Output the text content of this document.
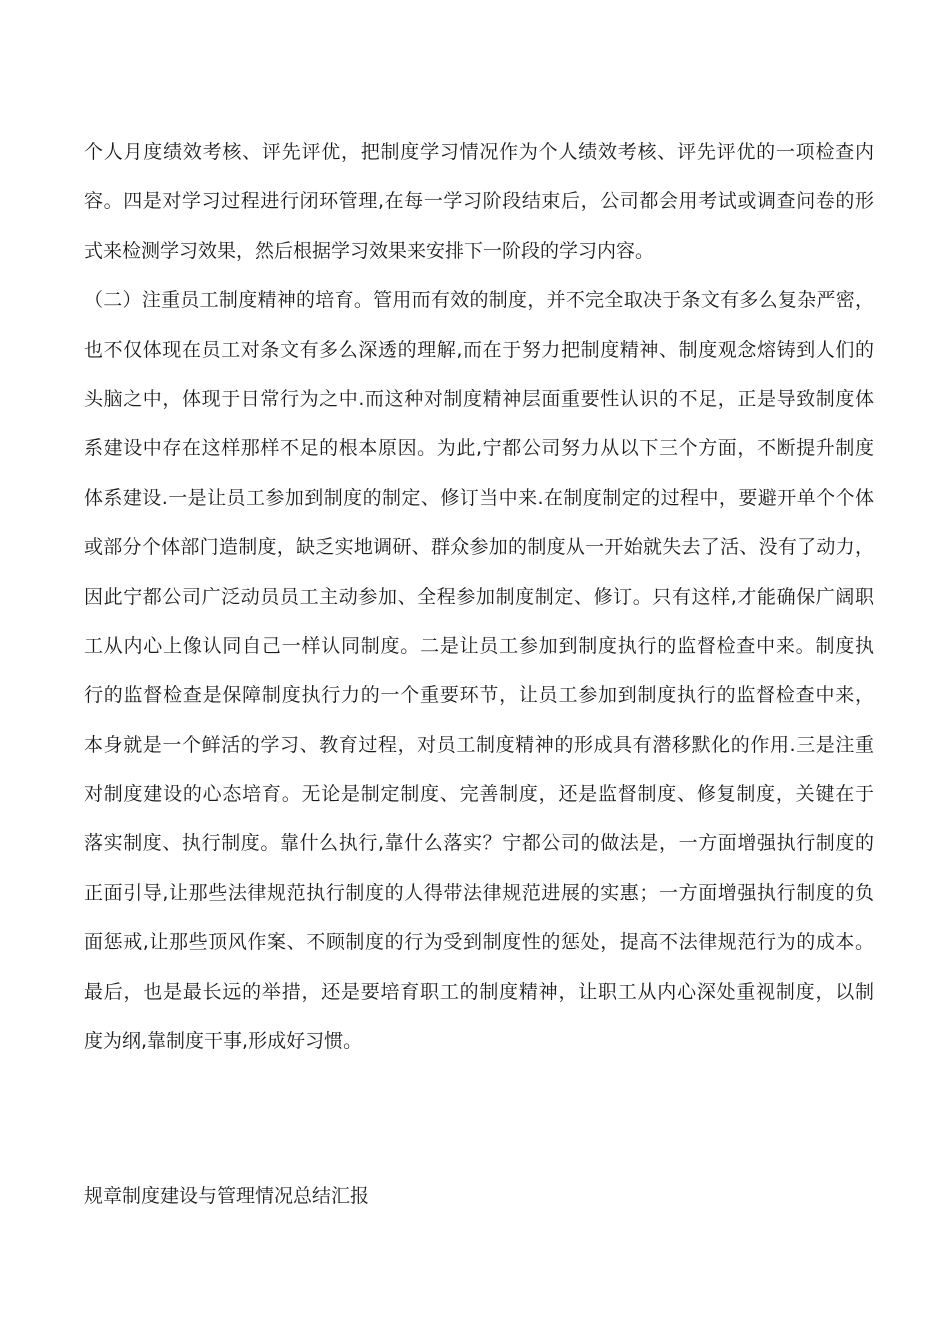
个人月度绩效考核、评先评优，把制度学习情况作为个人绩效考核、评先评优的一项检查内
容。四是对学习过程进行闭环管理,在每一学习阶段结束后，公司都会用考试或调查问卷的形
式来检测学习效果，然后根据学习效果来安排下一阶段的学习内容。
（二）注重员工制度精神的培育。管用而有效的制度，并不完全取决于条文有多么复杂严密，
也不仅体现在员工对条文有多么深透的理解,而在于努力把制度精神、制度观念熔铸到人们的
头脑之中，体现于日常行为之中.而这种对制度精神层面重要性认识的不足，正是导致制度体
系建设中存在这样那样不足的根本原因。为此,宁都公司努力从以下三个方面，不断提升制度
体系建设.一是让员工参加到制度的制定、修订当中来.在制度制定的过程中，要避开单个个体
或部分个体部门造制度，缺乏实地调研、群众参加的制度从一开始就失去了活、没有了动力，
因此宁都公司广泛动员员工主动参加、全程参加制度制定、修订。只有这样,才能确保广阔职
工从内心上像认同自己一样认同制度。二是让员工参加到制度执行的监督检查中来。制度执
行的监督检查是保障制度执行力的一个重要环节，让员工参加到制度执行的监督检查中来，
本身就是一个鲜活的学习、教育过程，对员工制度精神的形成具有潜移默化的作用.三是注重
对制度建设的心态培育。无论是制定制度、完善制度，还是监督制度、修复制度，关键在于
落实制度、执行制度。靠什么执行,靠什么落实？宁都公司的做法是，一方面增强执行制度的
正面引导,让那些法律规范执行制度的人得带法律规范进展的实惠；一方面增强执行制度的负
面惩戒,让那些顶风作案、不顾制度的行为受到制度性的惩处，提高不法律规范行为的成本。
最后，也是最长远的举措，还是要培育职工的制度精神，让职工从内心深处重视制度，以制
度为纲,靠制度干事,形成好习惯。
规章制度建设与管理情况总结汇报
